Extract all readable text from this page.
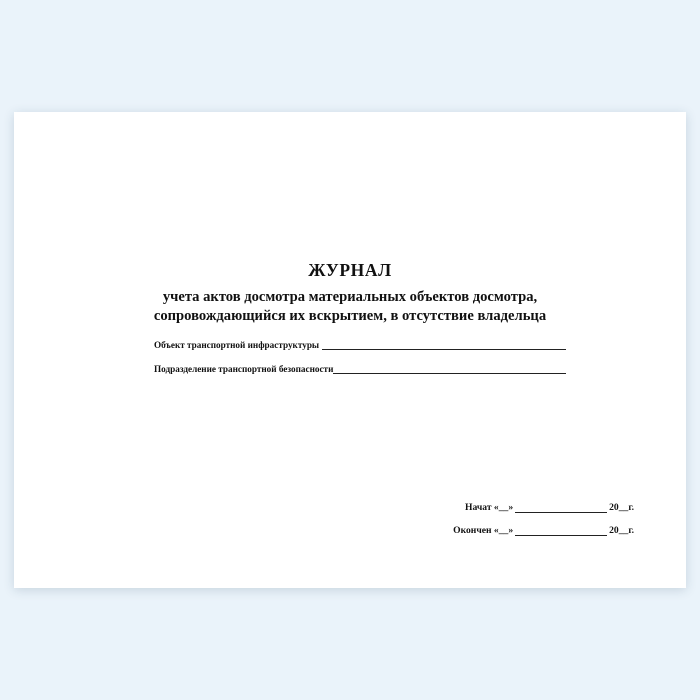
ЖУРНАЛ
учета актов досмотра материальных объектов досмотра,
сопровождающийся их вскрытием, в отсутствие владельца
Объект транспортной инфраструктуры
Подразделение транспортной безопасности
Начат «__»	20__г.
Окончен «__»	20__г.
